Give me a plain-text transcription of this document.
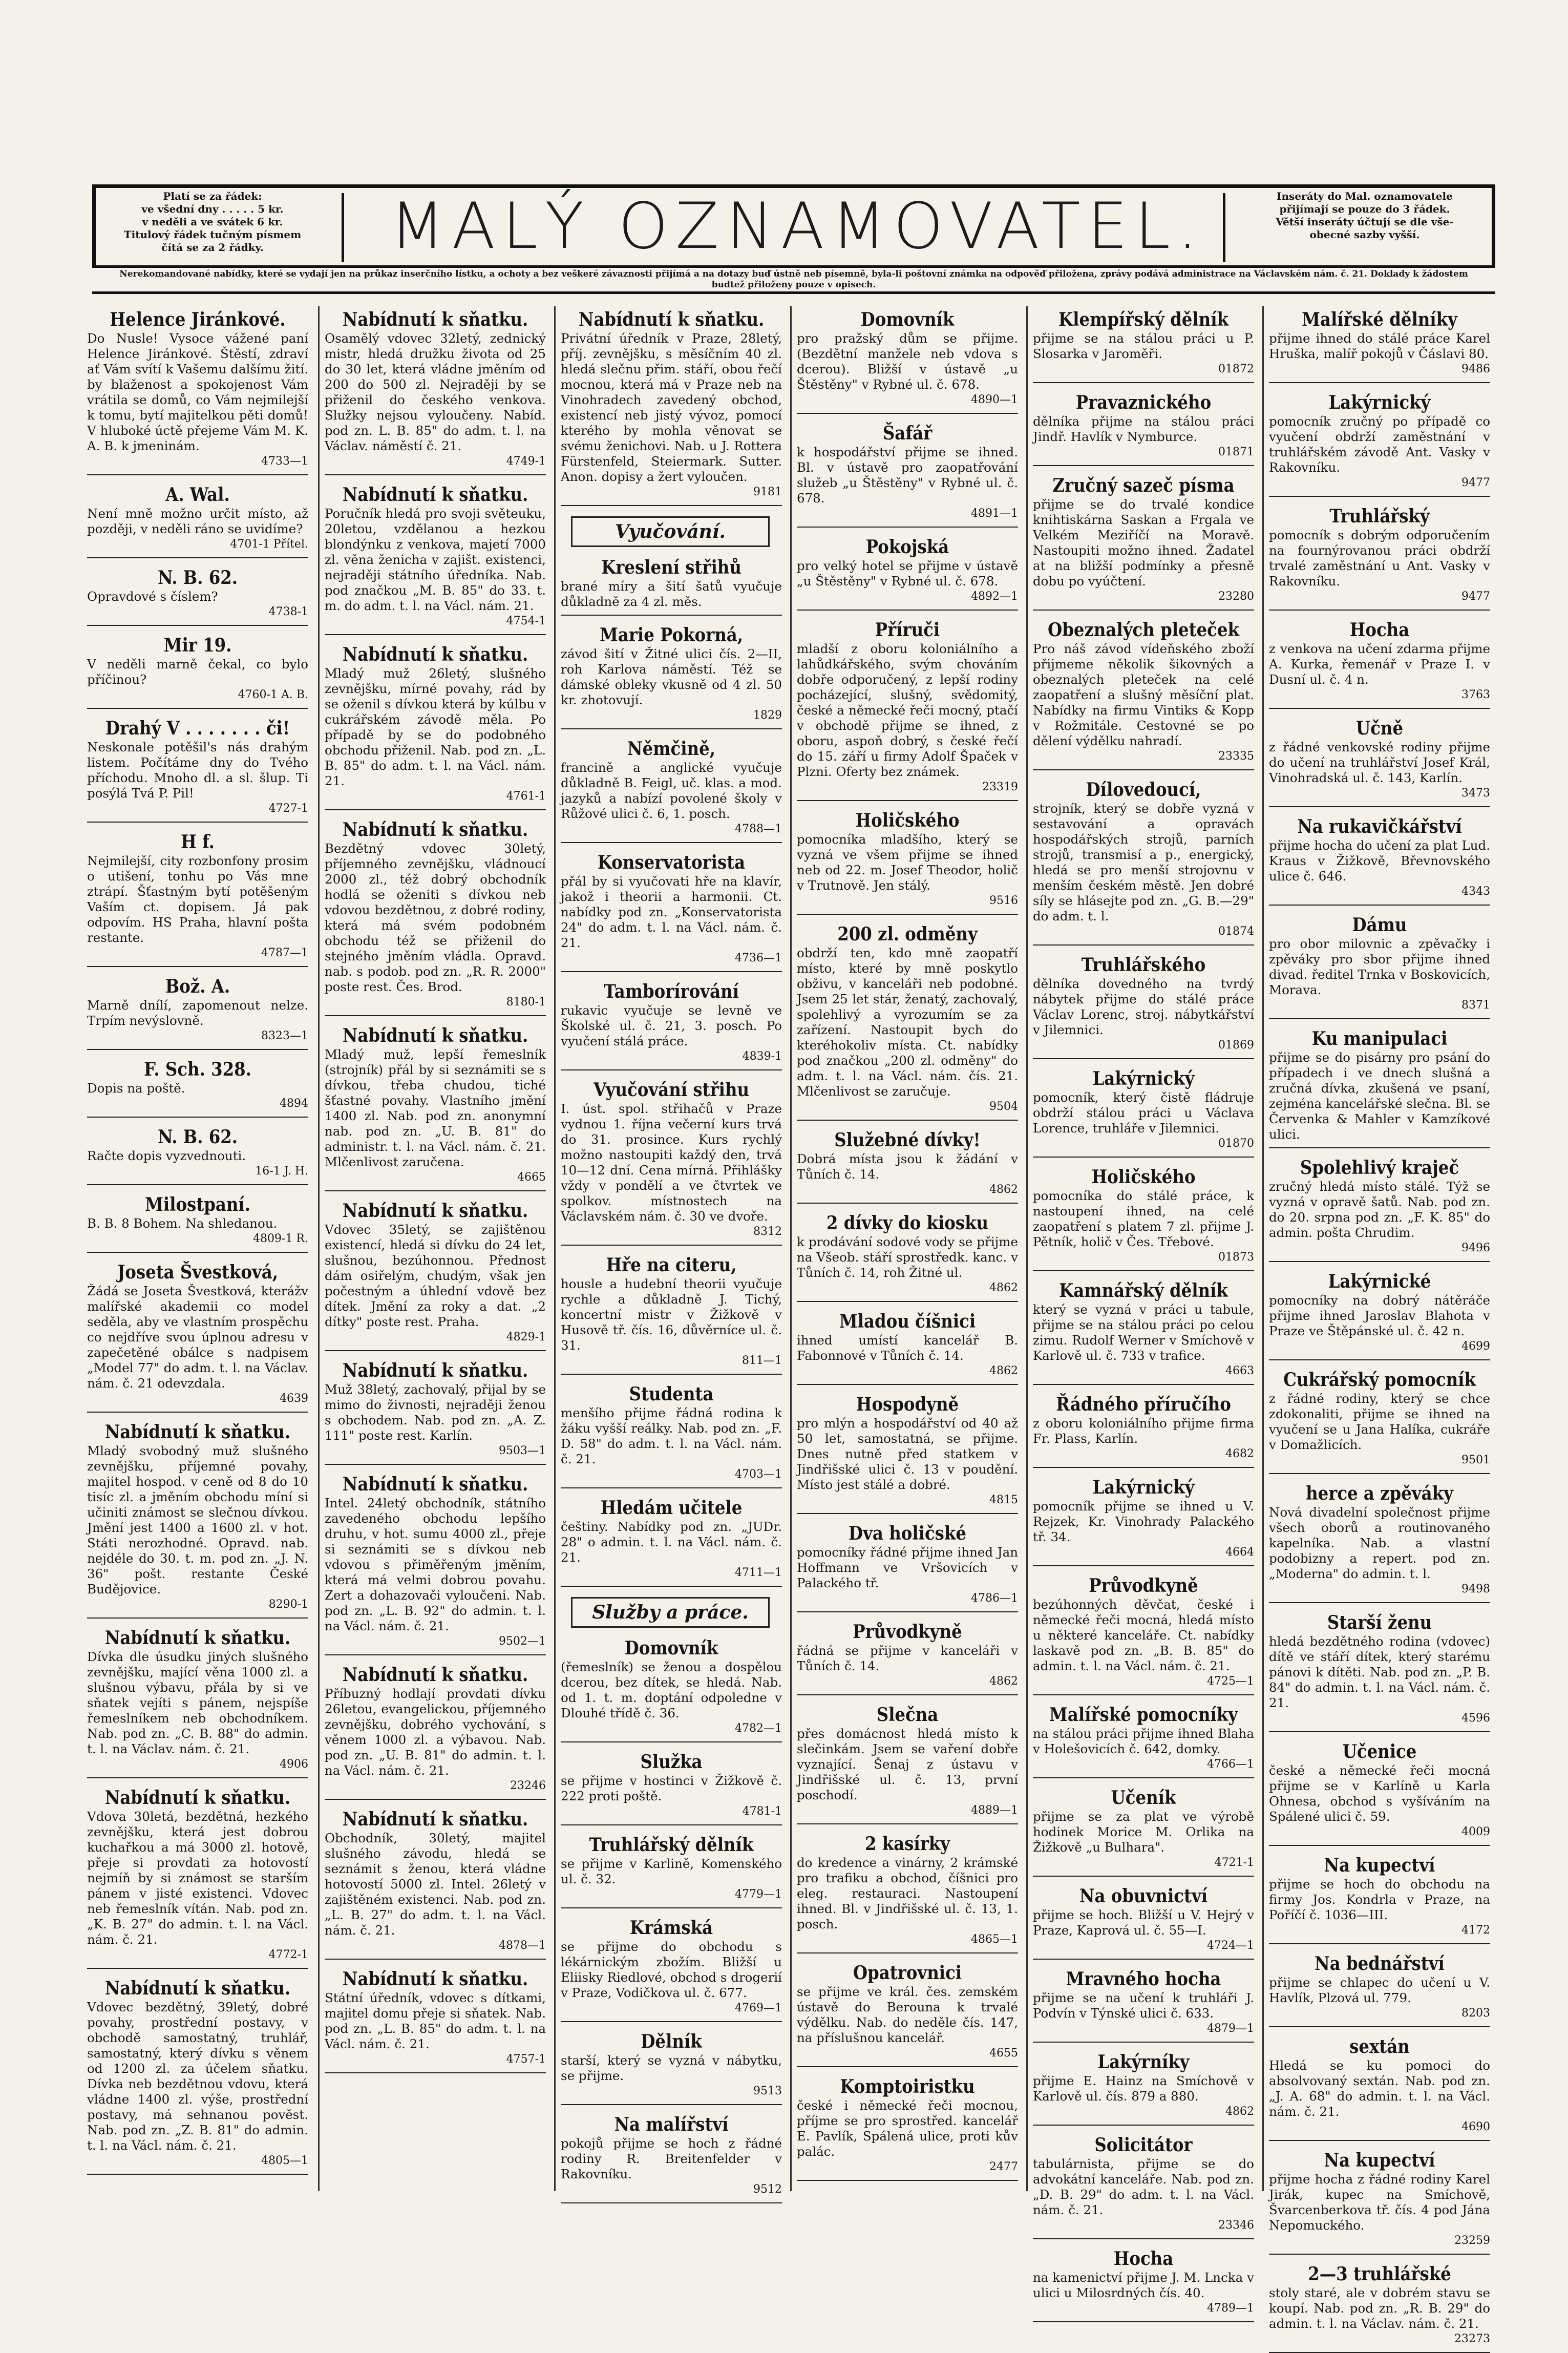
Platí se za řádek:
ve všední dny . . . . . 5 kr.
v neděli a ve svátek 6 kr.
Titulový řádek tučným písmem
čítá se za 2 řádky.	MALÝ OZNAMOVATEL.	Inseráty do Mal. oznamovatele
přijímají se pouze do 3 řádek.
Větší inseráty účtují se dle vše-
obecné sazby vyšší.
Nerekomandované nabídky, které se vydají jen na průkaz inserčního lístku, a ochoty a bez veškeré závaznosti přijímá a na dotazy buď ústně neb písemně, byla-li poštovní známka na odpověď přiložena, zprávy podává administrace na Václavském nám. č. 21. Doklady k žádostem budtež přiloženy pouze v opisech.
Helence Jiránkové.
Do Nusle! Vysoce vážené paní Helence Jiránkové. Štěstí, zdraví ať Vám svítí k Vašemu dalšímu žití. by blaženost a spokojenost Vám vrátila se domů, co Vám nejmilejší k tomu, bytí majitelkou pěti domů! V hluboké úctě přejeme Vám M. K. A. B. k jmeninám.
4733—1
A. Wal.
Není mně možno určit místo, až později, v neděli ráno se uvidíme?
4701-1 Přítel.
N. B. 62.
Opravdové s číslem?
4738-1
Mir 19.
V neděli marně čekal, co bylo příčinou?
4760-1 A. B.
Drahý V . . . . . . . či!
Neskonale potěšil's nás drahým listem. Počítáme dny do Tvého příchodu. Mnoho dl. a sl. šlup. Ti posýlá Tvá P. Pil!
4727-1
H f.
Nejmilejší, city rozbonfony prosim o utišení, tonhu po Vás mne ztrápí. Šťastným bytí potěšeným Vaším ct. dopisem. Já pak odpovím. HS Praha, hlavní pošta restante.
4787—1
Bož. A.
Marně dnílí, zapomenout nelze. Trpím nevýslovně.
8323—1
F. Sch. 328.
Dopis na poště.
4894
N. B. 62.
Račte dopis vyzvednouti.
16-1 J. H.
Milostpaní.
B. B. 8 Bohem. Na shledanou.
4809-1 R.
Joseta Švestková,
Žádá se Joseta Švestková, kterážv malířské akademii co model seděla, aby ve vlastním prospěchu co nejdříve svou úplnou adresu v zapečetěné obálce s nadpisem „Model 77" do adm. t. l. na Václav. nám. č. 21 odevzdala.
4639
Nabídnutí k sňatku.
Mladý svobodný muž slušného zevnějšku, příjemné povahy, majitel hospod. v ceně od 8 do 10 tisíc zl. a jměním obchodu míní si učiniti známost se slečnou dívkou. Jmění jest 1400 a 1600 zl. v hot. Státi nerozhodné. Opravd. nab. nejdéle do 30. t. m. pod zn. „J. N. 36" pošt. restante České Budějovice.
8290-1
Nabídnutí k sňatku.
Dívka dle úsudku jiných slušného zevnějšku, mající věna 1000 zl. a slušnou výbavu, přála by si ve sňatek vejíti s pánem, nejspíše řemeslníkem neb obchodníkem. Nab. pod zn. „C. B. 88" do admin. t. l. na Václav. nám. č. 21.
4906
Nabídnutí k sňatku.
Vdova 30letá, bezdětná, hezkého zevnějšku, která jest dobrou kuchařkou a má 3000 zl. hotově, přeje si provdati za hotovostí nejmíň by si známost se starším pánem v jisté existenci. Vdovec neb řemeslník vítán. Nab. pod zn. „K. B. 27" do admin. t. l. na Václ. nám. č. 21.
4772-1
Nabídnutí k sňatku.
Vdovec bezdětný, 39letý, dobré povahy, prostřední postavy, v obchodě samostatný, truhlář, samostatný, který dívku s věnem od 1200 zl. za účelem sňatku. Dívka neb bezdětnou vdovu, která vládne 1400 zl. výše, prostřední postavy, má sehnanou pověst. Nab. pod zn. „Z. B. 81" do admin. t. l. na Václ. nám. č. 21.
4805—1
Nabídnutí k sňatku.
Osamělý vdovec 32letý, zednický mistr, hledá družku života od 25 do 30 let, která vládne jměním od 200 do 500 zl. Nejraději by se přiženil do českého venkova. Služky nejsou vyloučeny. Nabíd. pod zn. L. B. 85" do adm. t. l. na Václav. náměstí č. 21.
4749-1
Nabídnutí k sňatku.
Poručník hledá pro svoji světeuku, 20letou, vzdělanou a hezkou blondýnku z venkova, majetí 7000 zl. věna ženicha v zajišt. existenci, nejraději státního úředníka. Nab. pod značkou „M. B. 85" do 33. t. m. do adm. t. l. na Václ. nám. 21.
4754-1
Nabídnutí k sňatku.
Mladý muž 26letý, slušného zevnějšku, mírné povahy, rád by se oženil s dívkou která by kúlbu v cukrářském závodě měla. Po případě by se do podobného obchodu přiženil. Nab. pod zn. „L. B. 85" do adm. t. l. na Václ. nám. 21.
4761-1
Nabídnutí k sňatku.
Bezdětný vdovec 30letý, příjemného zevnějšku, vládnoucí 2000 zl., též dobrý obchodník hodlá se oženiti s dívkou neb vdovou bezdětnou, z dobré rodiny, která má svém podobném obchodu též se přiženil do stejného jměním vládla. Opravd. nab. s podob. pod zn. „R. R. 2000" poste rest. Čes. Brod.
8180-1
Nabídnutí k sňatku.
Mladý muž, lepší řemeslník (strojník) přál by si seznámiti se s dívkou, třeba chudou, tiché šťastné povahy. Vlastního jmění 1400 zl. Nab. pod zn. anonymní nab. pod zn. „U. B. 81" do administr. t. l. na Václ. nám. č. 21. Mlčenlivost zaručena.
4665
Nabídnutí k sňatku.
Vdovec 35letý, se zajištěnou existencí, hledá si dívku do 24 let, slušnou, bezúhonnou. Přednost dám osiřelým, chudým, však jen počestným a úhlední vdově bez dítek. Jmění za roky a dat. „2 dítky" poste rest. Praha.
4829-1
Nabídnutí k sňatku.
Muž 38letý, zachovalý, přijal by se mimo do živnosti, nejraději ženou s obchodem. Nab. pod zn. „A. Z. 111" poste rest. Karlín.
9503—1
Nabídnutí k sňatku.
Intel. 24letý obchodník, státního zavedeného obchodu lepšího druhu, v hot. sumu 4000 zl., přeje si seznámiti se s dívkou neb vdovou s přiměřeným jměním, která má velmi dobrou povahu. Zert a dohazovači vyloučeni. Nab. pod zn. „L. B. 92" do admin. t. l. na Václ. nám. č. 21.
9502—1
Nabídnutí k sňatku.
Příbuzný hodlají provdati dívku 26letou, evangelickou, příjemného zevnějšku, dobrého vychování, s věnem 1000 zl. a výbavou. Nab. pod zn. „U. B. 81" do admin. t. l. na Václ. nám. č. 21.
23246
Nabídnutí k sňatku.
Obchodník, 30letý, majitel slušného závodu, hledá se seznámit s ženou, která vládne hotovostí 5000 zl. Intel. 26letý v zajištěném existenci. Nab. pod zn. „L. B. 27" do adm. t. l. na Václ. nám. č. 21.
4878—1
Nabídnutí k sňatku.
Státní úředník, vdovec s dítkami, majitel domu přeje si sňatek. Nab. pod zn. „L. B. 85" do adm. t. l. na Václ. nám. č. 21.
4757-1
Nabídnutí k sňatku.
Privátní úředník v Praze, 28letý, příj. zevnějšku, s měsíčním 40 zl. hledá slečnu přim. stáří, obou řečí mocnou, která má v Praze neb na Vinohradech zavedený obchod, existencí neb jistý vývoz, pomocí kterého by mohla věnovat se svému ženichovi. Nab. u J. Rottera Fürstenfeld, Steiermark. Sutter. Anon. dopisy a žert vyloučen.
9181
Vyučování.
Kreslení střihů
brané míry a šití šatů vyučuje důkladně za 4 zl. měs.
Marie Pokorná,
závod šití v Žitné ulici čís. 2—II, roh Karlova náměstí. Též se dámské obleky vkusně od 4 zl. 50 kr. zhotovují.
1829
Němčině,
francině a anglické vyučuje důkladně B. Feigl, uč. klas. a mod. jazyků a nabízí povolené školy v Růžové ulici č. 6, 1. posch.
4788—1
Konservatorista
přál by si vyučovati hře na klavír, jakož i theorii a harmonii. Ct. nabídky pod zn. „Konservatorista 24" do adm. t. l. na Václ. nám. č. 21.
4736—1
Tamborírování
rukavic vyučuje se levně ve Školské ul. č. 21, 3. posch. Po vyučení stálá práce.
4839-1
Vyučování střihu
I. úst. spol. střihačů v Praze vydnou 1. října večerní kurs trvá do 31. prosince. Kurs rychlý možno nastoupiti každý den, trvá 10—12 dní. Cena mírná. Přihlášky vždy v pondělí a ve čtvrtek ve spolkov. místnostech na Václavském nám. č. 30 ve dvoře.
8312
Hře na citeru,
housle a hudební theorii vyučuje rychle a důkladně J. Tichý, koncertní mistr v Žižkově v Husově tř. čís. 16, důvěrníce ul. č. 31.
811—1
Studenta
menšího přijme řádná rodina k žáku vyšší reálky. Nab. pod zn. „F. D. 58" do adm. t. l. na Václ. nám. č. 21.
4703—1
Hledám učitele
češtiny. Nabídky pod zn. „JUDr. 28" o admin. t. l. na Václ. nám. č. 21.
4711—1
Služby a práce.
Domovník
(řemeslník) se ženou a dospělou dcerou, bez dítek, se hledá. Nab. od 1. t. m. doptání odpoledne v Dlouhé třídě č. 36.
4782—1
Služka
se přijme v hostinci v Žižkově č. 222 proti poště.
4781-1
Truhlářský dělník
se přijme v Karlině, Komenského ul. č. 32.
4779—1
Krámská
se přijme do obchodu s lékárnickým zbožím. Bližší u Eliisky Riedlové, obchod s drogerií v Praze, Vodičkova ul. č. 677.
4769—1
Dělník
starší, který se vyzná v nábytku, se přijme.
9513
Na malířství
pokojů přijme se hoch z řádné rodiny R. Breitenfelder v Rakovníku.
9512
Domovník
pro pražský dům se přijme. (Bezdětní manžele neb vdova s dcerou). Bližší v ústavě „u Štěstěny" v Rybné ul. č. 678.
4890—1
Šafář
k hospodářství přijme se ihned. Bl. v ústavě pro zaopatřování služeb „u Štěstěny" v Rybné ul. č. 678.
4891—1
Pokojská
pro velký hotel se přijme v ústavě „u Štěstěny" v Rybné ul. č. 678.
4892—1
Příruči
mladší z oboru koloniálního a lahůdkářského, svým chováním dobře odporučený, z lepší rodiny pocházející, slušný, svědomitý, české a německé řeči mocný, ptačí v obchodě přijme se ihned, z oboru, aspoň dobrý, s české řečí do 15. září u firmy Adolf Špaček v Plzni. Oferty bez známek.
23319
Holičského
pomocníka mladšího, který se vyzná ve všem přijme se ihned neb od 22. m. Josef Theodor, holič v Trutnově. Jen stálý.
9516
200 zl. odměny
obdrží ten, kdo mně zaopatří místo, které by mně poskytlo obživu, v kanceláři neb podobné. Jsem 25 let stár, ženatý, zachovalý, spolehlivý a vyrozumím se za zařízení. Nastoupit bych do kteréhokoliv místa. Ct. nabídky pod značkou „200 zl. odměny" do adm. t. l. na Václ. nám. čís. 21. Mlčenlivost se zaručuje.
9504
Služebné dívky!
Dobrá místa jsou k žádání v Tůních č. 14.
4862
2 dívky do kiosku
k prodávání sodové vody se přijme na Všeob. stáří sprostředk. kanc. v Tůních č. 14, roh Žitné ul.
4862
Mladou číšnici
ihned umístí kancelář B. Fabonnové v Tůních č. 14.
4862
Hospodyně
pro mlýn a hospodářství od 40 až 50 let, samostatná, se přijme. Dnes nutně před statkem v Jindřišské ulici č. 13 v poudění. Místo jest stálé a dobré.
4815
Dva holičské
pomocníky řádné přijme ihned Jan Hoffmann ve Vršovicích v Palackého tř.
4786—1
Průvodkyně
řádná se přijme v kanceláři v Tůních č. 14.
4862
Slečna
přes domácnost hledá místo k slečinkám. Jsem se vaření dobře vyznající. Šenaj z ústavu v Jindřišské ul. č. 13, první poschodí.
4889—1
2 kasírky
do kredence a vinárny, 2 krámské pro trafiku a obchod, číšnici pro eleg. restauraci. Nastoupení ihned. Bl. v Jindřišské ul. č. 13, 1. posch.
4865—1
Opatrovnici
se přijme ve král. čes. zemském ústavě do Berouna k trvalé výdělku. Nab. do neděle čís. 147, na příslušnou kancelář.
4655
Komptoiristku
české i německé řeči mocnou, příjme se pro sprostřed. kancelář E. Pavlík, Spálená ulice, proti kův palác.
2477
Klempířský dělník
přijme se na stálou práci u P. Slosarka v Jaroměři.
01872
Pravaznického
dělníka přijme na stálou práci Jindř. Havlík v Nymburce.
01871
Zručný sazeč písma
přijme se do trvalé kondice knihtiskárna Saskan a Frgala ve Velkém Meziříčí na Moravě. Nastoupiti možno ihned. Žadatel at na bližší podmínky a přesně dobu po vyúčtení.
23280
Obeznalých pleteček
Pro náš závod vídeňského zboží přijmeme několik šikovných a obeznalých pleteček na celé zaopatření a slušný měsíční plat. Nabídky na firmu Vintiks & Kopp v Rožmitále. Cestovné se po dělení výdělku nahradí.
23335
Dílovedoucí,
strojník, který se dobře vyzná v sestavování a opravách hospodářských strojů, parních strojů, transmisí a p., energický, hledá se pro menší strojovnu v menším českém městě. Jen dobré síly se hlásejte pod zn. „G. B.—29" do adm. t. l.
01874
Truhlářského
dělníka dovedného na tvrdý nábytek přijme do stálé práce Václav Lorenc, stroj. nábytkářství v Jilemnici.
01869
Lakýrnický
pomocník, který čistě fládruje obdrží stálou práci u Václava Lorence, truhláře v Jilemnici.
01870
Holičského
pomocníka do stálé práce, k nastoupení ihned, na celé zaopatření s platem 7 zl. přijme J. Pětník, holič v Čes. Třebové.
01873
Kamnářský dělník
který se vyzná v práci u tabule, přijme se na stálou práci po celou zimu. Rudolf Werner v Smíchově v Karlově ul. č. 733 v trafice.
4663
Řádného příručího
z oboru koloniálního přijme firma Fr. Plass, Karlín.
4682
Lakýrnický
pomocník přijme se ihned u V. Rejzek, Kr. Vinohrady Palackého tř. 34.
4664
Průvodkyně
bezúhonných děvčat, české i německé řeči mocná, hledá místo u některé kanceláře. Ct. nabídky laskavě pod zn. „B. B. 85" do admin. t. l. na Václ. nám. č. 21.
4725—1
Malířské pomocníky
na stálou práci přijme ihned Blaha v Holešovicích č. 642, domky.
4766—1
Učeník
přijme se za plat ve výrobě hodinek Morice M. Orlika na Žižkově „u Bulhara".
4721-1
Na obuvnictví
přijme se hoch. Bližší u V. Hejrý v Praze, Kaprová ul. č. 55—I.
4724—1
Mravného hocha
přijme se na učení k truhláři J. Podvín v Týnské ulici č. 633.
4879—1
Lakýrníky
přijme E. Hainz na Smíchově v Karlově ul. čís. 879 a 880.
4862
Solicitátor
tabulárnista, přijme se do advokátní kanceláře. Nab. pod zn. „D. B. 29" do adm. t. l. na Václ. nám. č. 21.
23346
Hocha
na kamenictví přijme J. M. Lncka v ulici u Milosrdných čís. 40.
4789—1
Malířské dělníky
přijme ihned do stálé práce Karel Hruška, malíř pokojů v Čáslavi 80.
9486
Lakýrnický
pomocník zručný po případě co vyučení obdrží zaměstnání v truhlářském závodě Ant. Vasky v Rakovníku.
9477
Truhlářský
pomocník s dobrým odporučením na fournýrovanou práci obdrží trvalé zaměstnání u Ant. Vasky v Rakovníku.
9477
Hocha
z venkova na učení zdarma přijme A. Kurka, řemenář v Praze I. v Dusní ul. č. 4 n.
3763
Učně
z řádné venkovské rodiny přijme do učení na truhlářství Josef Král, Vinohradská ul. č. 143, Karlín.
3473
Na rukavičkářství
přijme hocha do učení za plat Lud. Kraus v Žižkově, Břevnovského ulice č. 646.
4343
Dámu
pro obor milovnic a zpěvačky i zpěváky pro sbor přijme ihned divad. ředitel Trnka v Boskovicích, Morava.
8371
Ku manipulaci
přijme se do pisárny pro psání do případech i ve dnech slušná a zručná dívka, zkušená ve psaní, zejména kancelářské slečna. Bl. se Červenka & Mahler v Kamzíkové ulici.
Spolehlivý kraječ
zručný hledá místo stálé. Týž se vyzná v opravě šatů. Nab. pod zn. do 20. srpna pod zn. „F. K. 85" do admin. pošta Chrudim.
9496
Lakýrnické
pomocníky na dobrý nátěráče přijme ihned Jaroslav Blahota v Praze ve Štěpánské ul. č. 42 n.
4699
Cukrářský pomocník
z řádné rodiny, který se chce zdokonaliti, přijme se ihned na vyučení se u Jana Halíka, cukráře v Domažlicích.
9501
herce a zpěváky
Nová divadelní společnost přijme všech oborů a routinovaného kapelníka. Nab. a vlastní podobizny a repert. pod zn. „Moderna" do admin. t. l.
9498
Starší ženu
hledá bezdětného rodina (vdovec) dítě ve stáří dítek, který starému pánovi k dítěti. Nab. pod zn. „P. B. 84" do admin. t. l. na Václ. nám. č. 21.
4596
Učenice
české a německé řeči mocná přijme se v Karlíně u Karla Ohnesa, obchod s vyšíváním na Spálené ulici č. 59.
4009
Na kupectví
přijme se hoch do obchodu na firmy Jos. Kondrla v Praze, na Poříčí č. 1036—III.
4172
Na bednářství
přijme se chlapec do učení u V. Havlík, Plzová ul. 779.
8203
sextán
Hledá se ku pomoci do absolvovaný sextán. Nab. pod zn. „J. A. 68" do admin. t. l. na Václ. nám. č. 21.
4690
Na kupectví
přijme hocha z řádné rodiny Karel Jirák, kupec na Smíchově, Švarcenberkova tř. čís. 4 pod Jána Nepomuckého.
23259
2—3 truhlářské
stoly staré, ale v dobrém stavu se koupí. Nab. pod zn. „R. B. 29" do admin. t. l. na Václav. nám. č. 21.
23273
